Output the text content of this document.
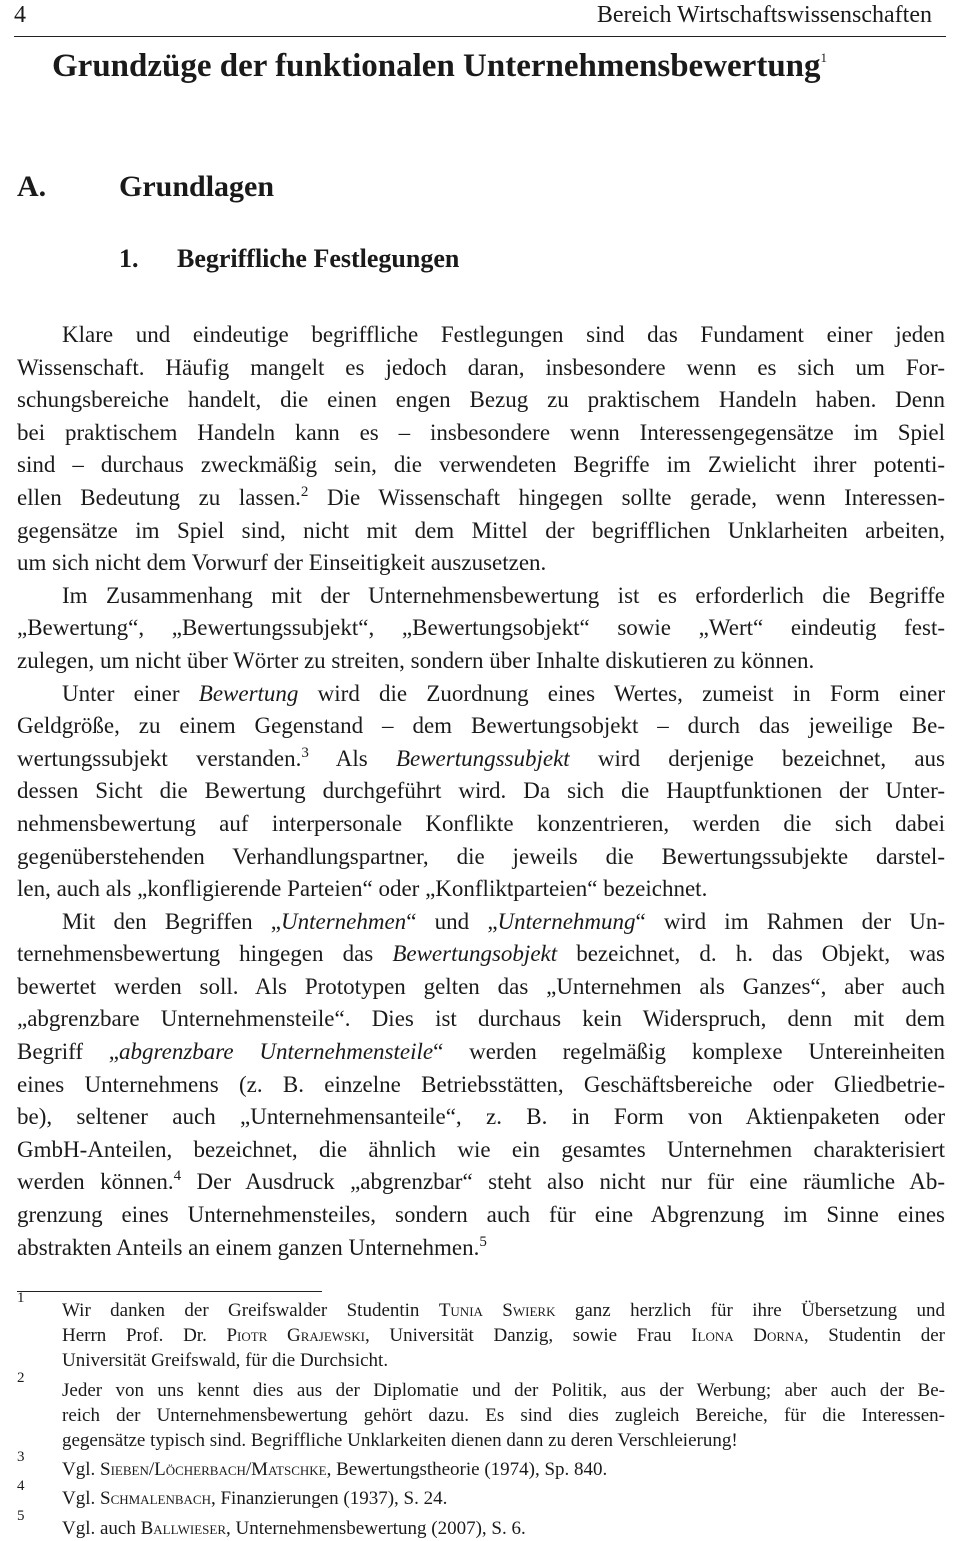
4	Bereich Wirtschaftswissenschaften
Grundzüge der funktionalen Unternehmensbewertung$^1$
A. Grundlagen
1. Begriffliche Festlegungen
Klare und eindeutige begriffliche Festlegungen sind das Fundament einer jeden
Wissenschaft. Häufig mangelt es jedoch daran, insbesondere wenn es sich um For-
schungsbereiche handelt, die einen engen Bezug zu praktischem Handeln haben. Denn
bei praktischem Handeln kann es – insbesondere wenn Interessengegensätze im Spiel
sind – durchaus zweckmäßig sein, die verwendeten Begriffe im Zwielicht ihrer potenti-
ellen Bedeutung zu lassen.$^2$ Die Wissenschaft hingegen sollte gerade, wenn Interessen-
gegensätze im Spiel sind, nicht mit dem Mittel der begrifflichen Unklarheiten arbeiten,
um sich nicht dem Vorwurf der Einseitigkeit auszusetzen.
Im Zusammenhang mit der Unternehmensbewertung ist es erforderlich die Begriffe
„Bewertung“, „Bewertungssubjekt“, „Bewertungsobjekt“ sowie „Wert“ eindeutig fest-
zulegen, um nicht über Wörter zu streiten, sondern über Inhalte diskutieren zu können.
Unter einer Bewertung wird die Zuordnung eines Wertes, zumeist in Form einer
Geldgröße, zu einem Gegenstand – dem Bewertungsobjekt – durch das jeweilige Be-
wertungssubjekt verstanden.$^3$ Als Bewertungssubjekt wird derjenige bezeichnet, aus
dessen Sicht die Bewertung durchgeführt wird. Da sich die Hauptfunktionen der Unter-
nehmensbewertung auf interpersonale Konflikte konzentrieren, werden die sich dabei
gegenüberstehenden Verhandlungspartner, die jeweils die Bewertungssubjekte darstel-
len, auch als „konfligierende Parteien“ oder „Konfliktparteien“ bezeichnet.
Mit den Begriffen „Unternehmen“ und „Unternehmung“ wird im Rahmen der Un-
ternehmensbewertung hingegen das Bewertungsobjekt bezeichnet, d. h. das Objekt, was
bewertet werden soll. Als Prototypen gelten das „Unternehmen als Ganzes“, aber auch
„abgrenzbare Unternehmensteile“. Dies ist durchaus kein Widerspruch, denn mit dem
Begriff „abgrenzbare Unternehmensteile“ werden regelmäßig komplexe Untereinheiten
eines Unternehmens (z. B. einzelne Betriebsstätten, Geschäftsbereiche oder Gliedbetrie-
be), seltener auch „Unternehmensanteile“, z. B. in Form von Aktienpaketen oder
GmbH-Anteilen, bezeichnet, die ähnlich wie ein gesamtes Unternehmen charakterisiert
werden können.$^4$ Der Ausdruck „abgrenzbar“ steht also nicht nur für eine räumliche Ab-
grenzung eines Unternehmensteiles, sondern auch für eine Abgrenzung im Sinne eines
abstrakten Anteils an einem ganzen Unternehmen.$^5$
1
Wir danken der Greifswalder Studentin Tunia Swierk ganz herzlich für ihre Übersetzung und
Herrn Prof. Dr. Piotr Grajewski, Universität Danzig, sowie Frau Ilona Dorna, Studentin der
Universität Greifswald, für die Durchsicht.
2
Jeder von uns kennt dies aus der Diplomatie und der Politik, aus der Werbung; aber auch der Be-
reich der Unternehmensbewertung gehört dazu. Es sind dies zugleich Bereiche, für die Interessen-
gegensätze typisch sind. Begriffliche Unklarkeiten dienen dann zu deren Verschleierung!
3
Vgl. Sieben/Löcherbach/Matschke, Bewertungstheorie (1974), Sp. 840.
4
Vgl. Schmalenbach, Finanzierungen (1937), S. 24.
5
Vgl. auch Ballwieser, Unternehmensbewertung (2007), S. 6.
